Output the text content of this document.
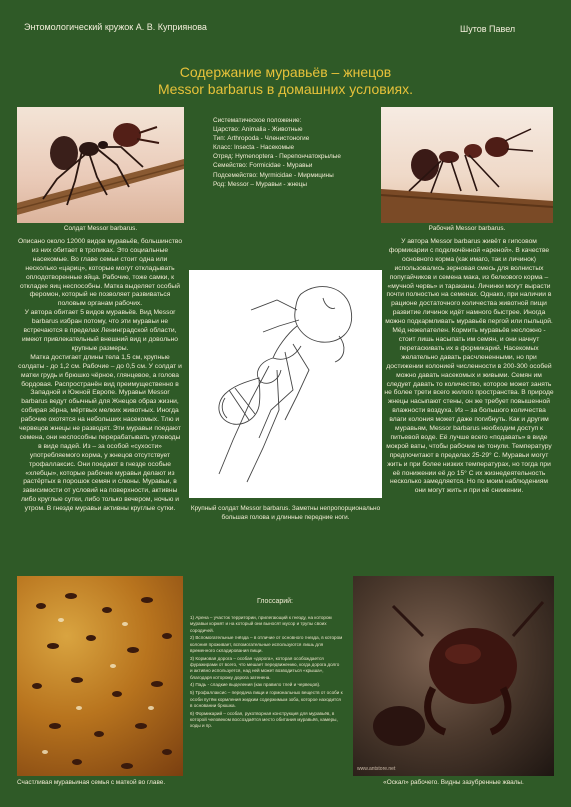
Энтомологический кружок А. В. Куприянова	Шутов Павел
Содержание муравьёв – жнецов
Messor barbarus в домашних условиях.
Солдат Messor barbarus.
Систематическое положение:
Царство: Animalia - Животные
Тип: Arthropoda - Членистоногие
Класс: Insecta - Насекомые
Отряд: Hymenoptera - Перепончатокрылые
Семейство: Formicidae - Муравьи
Подсемейство: Myrmicidae - Мирмицины
Род: Messor – Муравьи - жнецы
Рабочий Messor barbarus.

Описано около 12000 видов муравьёв, большинство из них обитает в тропиках. Это социальные насекомые. Во главе семьи стоит одна или несколько «цариц», которые могут откладывать оплодотворенные яйца. Рабочие, тоже самки, к откладке яиц неспособны. Матка выделяет особый феромон, который не позволяет развиваться половым органам рабочих.

У автора обитает 5 видов муравьёв. Вид Messor barbarus избран потому, что эти муравьи не встречаются в пределах Ленинградской области, имеют привлекательный внешний вид и довольно крупные размеры.

Матка достигает длины тела 1,5 см, крупные солдаты - до 1,2 см. Рабочие – до 0,5 см. У солдат и матки грудь и брюшко чёрное, глянцевое, а голова бордовая. Распространён вид преимущественно в Западной и Южной Европе. Муравьи Messor barbarus ведут обычный для Жнецов образ жизни, собирая зёрна, мёртвых мелких животных. Иногда рабочие охотятся на небольших насекомых. Тлю и червецов жнецы не разводят. Эти муравьи поедают семена, они неспособны перерабатывать углеводы в виде падей. Из – за особой «сухости» употребляемого корма, у жнецов отсутствует трофаллаксис. Они поедают в гнезде особые «хлебцы», которые рабочие муравьи делают из растёртых в порошок семян и слюны. Муравьи, в зависимости от условий на поверхности, активны либо круглые сутки, либо только вечером, ночью и утром. В гнезде муравьи активны круглые сутки.	Крупный солдат Messor barbarus. Заметны непропорционально большая голова и длинные передние ноги.

У автора Messor barbarus живёт в гипсовом формикарии с подключённой «ареной». В качестве основного корма (как имаго, так и личинок) использовались зерновая смесь для волнистых попугайчиков и семена мака, из белкового корма – «мучной червь» и тараканы. Личинки могут вырасти почти полностью на семенах. Однако, при наличии в рационе достаточного количества животной пищи развитие личинок идёт намного быстрее. Иногда можно подкармливать муравьёв пергой или пыльцой. Мёд нежелателен. Кормить муравьёв несложно - стоит лишь насыпать им семян, и они начнут перетаскивать их в формикарий. Насекомых желательно давать расчлененными, но при достижении колонией численности в 200-300 особей можно давать насекомых и живыми. Семян им следует давать то количество, которое может занять не более трети всего жилого пространства. В природе жнецы насыпают стены, он же требует повышенной влажности воздуха. Из – за большого количества влаги колония может даже погибнуть. Как и другим муравьям, Messor barbarus необходим доступ к питьевой воде. Её лучше всего «подавать» в виде мокрой ваты, чтобы рабочие не тонули. Температуру предпочитают в пределах 25-29° С. Муравьи могут жить и при более низких температурах, но тогда при её понижении её до 15° С их жизнедеятельность несколько замедляется. Но по моим наблюдениям они могут жить и при её снижении.

Счастливая муравьиная семья с маткой во главе.
Глоссарий:

1) Арена – участок территории, прилегающий к гнезду, на котором муравьи кормят и на который они выносят мусор и трупы своих сородичей.

2) Вспомогательные гнёзда – в отличие от основного гнезда, в котором колония проживает, вспомогательные используются лишь для временного складирования пищи.

3) Кормовая дорога – особая «дорога», которая особождается фуражирами от всего, что мешает передвижению, когда дорога долго и активно используется, над ней может возводиться «крыша», благодаря которому дорога затенена.

4) Падь - сладкие выделения (как правило тлей и червецов).

5) Трофаллаксис – передача пищи и гормональных веществ от особи к особи путём кормления жидким содержимым зоба, которое находится в основании брюшка.

6) Формикарий – особая, рукотворная конструкция для муравьёв, в которой человеком воссоздаётся место обитания муравьёв, камеры, ходы и пр.

www.antstore.net
«Оскал» рабочего. Видны зазубренные жвалы.
